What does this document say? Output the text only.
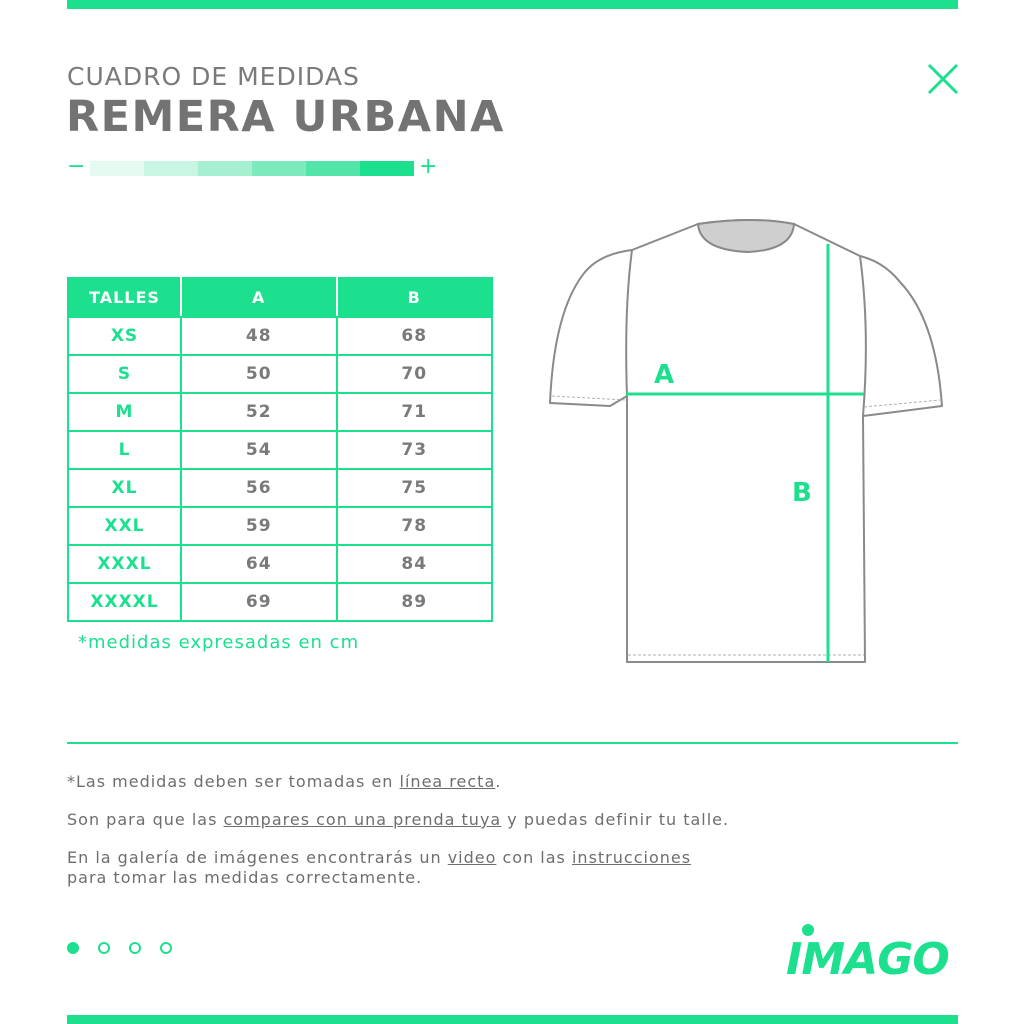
CUADRO DE MEDIDAS
REMERA URBANA
−	+
TALLES	A	B
XS	48	68
S	50	70
M	52	71
L	54	73
XL	56	75
XXL	59	78
XXXL	64	84
XXXXL	69	89
*medidas expresadas en cm
A
B
*Las medidas deben ser tomadas en línea recta.
Son para que las compares con una prenda tuya y puedas definir tu talle.
En la galería de imágenes encontrarás un video con las instrucciones
para tomar las medidas correctamente.
IMAGO
